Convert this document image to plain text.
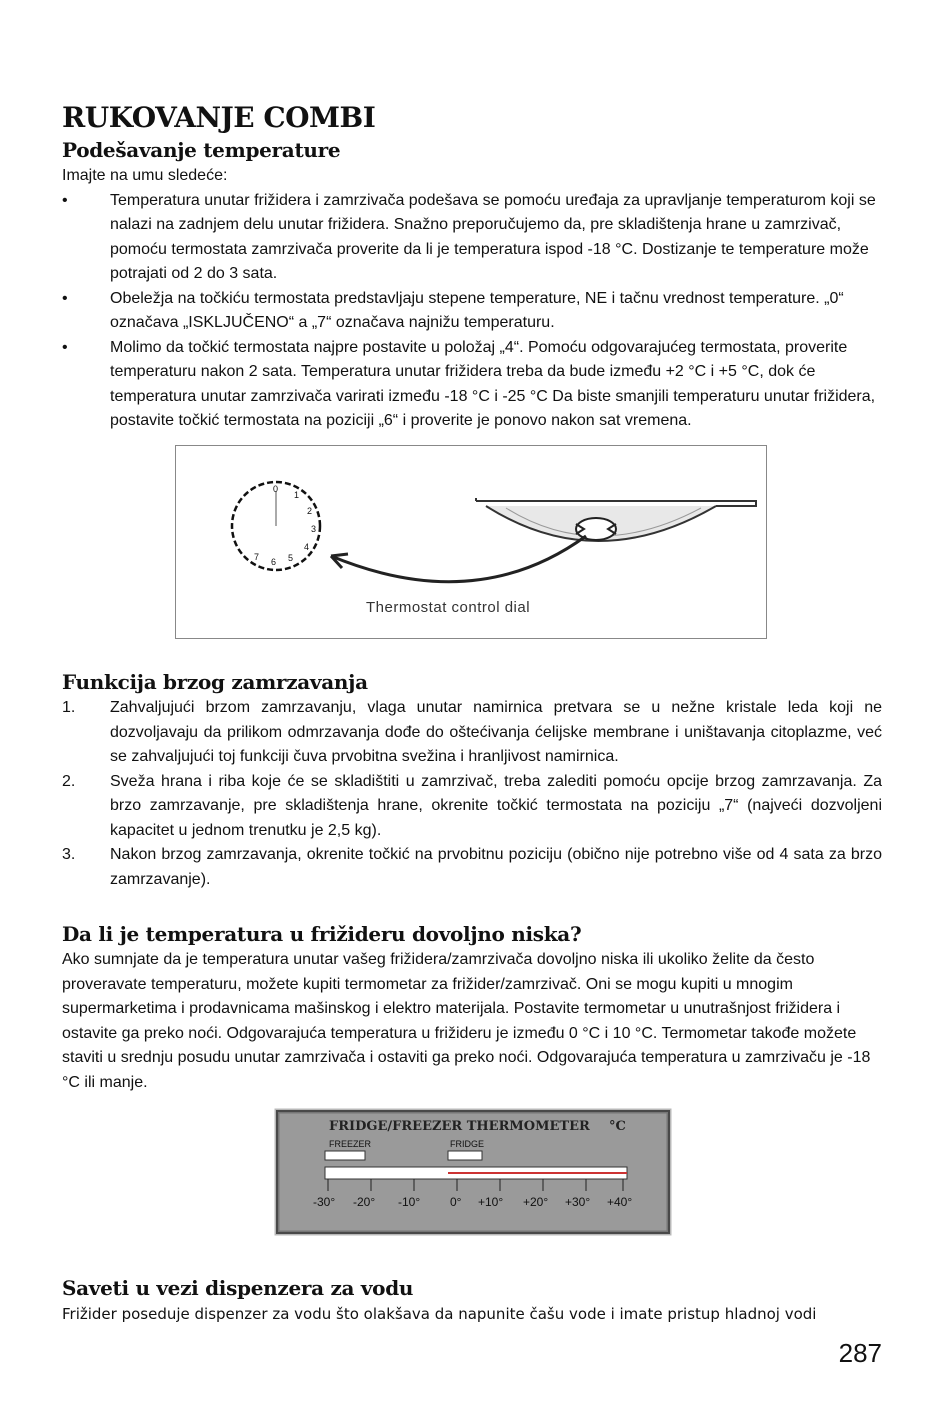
RUKOVANJE COMBI
Podešavanje temperature

Imajte na umu sledeće:

• Temperatura unutar frižidera i zamrzivača podešava se pomoću uređaja za upravljanje temperaturom koji se nalazi na zadnjem delu unutar frižidera. Snažno preporučujemo da, pre skladištenja hrane u zamrzivač, pomoću termostata zamrzivača proverite da li je temperatura ispod -18 °C. Dostizanje te temperature može potrajati od 2 do 3 sata.
• Obeležja na točkiću termostata predstavljaju stepene temperature, NE i tačnu vrednost temperature. „0“ označava „ISKLJUČENO“ a „7“ označava najnižu temperaturu.
• Molimo da točkić termostata najpre postavite u položaj „4“. Pomoću odgovarajućeg termostata, proverite temperaturu nakon 2 sata. Temperatura unutar frižidera treba da bude između +2 °C i +5 °C, dok će temperatura unutar zamrzivača varirati između -18 °C i -25 °C Da biste smanjili temperaturu unutar frižidera, postavite točkić termostata na poziciji „6“ i proverite je ponovo nakon sat vremena.
0
1
2
3
4
5
6
7
Thermostat control dial
Funkcija brzog zamrzavanja
1. Zahvaljujući brzom zamrzavanju, vlaga unutar namirnica pretvara se u nežne kristale leda koji ne dozvoljavaju da prilikom odmrzavanja dođe do oštećivanja ćelijske membrane i uništavanja citoplazme, već se zahvaljujući toj funkciji čuva prvobitna svežina i hranljivost namirnica.
2. Sveža hrana i riba koje će se skladištiti u zamrzivač, treba zalediti pomoću opcije brzog zamrzavanja. Za brzo zamrzavanje, pre skladištenja hrane, okrenite točkić termostata na poziciju „7“ (najveći dozvoljeni kapacitet u jednom trenutku je 2,5 kg).
3. Nakon brzog zamrzavanja, okrenite točkić na prvobitnu poziciju (obično nije potrebno više od 4 sata za brzo zamrzavanje).
Da li je temperatura u frižideru dovoljno niska?

Ako sumnjate da je temperatura unutar vašeg frižidera/zamrzivača dovoljno niska ili ukoliko želite da često proveravate temperaturu, možete kupiti termometar za frižider/zamrzivač. Oni se mogu kupiti u mnogim supermarketima i prodavnicama mašinskog i elektro materijala. Postavite termometar u unutrašnjost frižidera i ostavite ga preko noći. Odgovarajuća temperatura u frižideru je između 0 °C i 10 °C. Termometar takođe možete staviti u srednju posudu unutar zamrzivača i ostaviti ga preko noći. Odgovarajuća temperatura u zamrzivaču je -18 °C ili manje.

FRIDGE/FREEZER THERMOMETER °C
FREEZER	FRIDGE
-30° -20° -10° 0° +10° +20° +30° +40°
Saveti u vezi dispenzera za vodu

Frižider poseduje dispenzer za vodu što olakšava da napunite čašu vode i imate pristup hladnoj vodi

287
